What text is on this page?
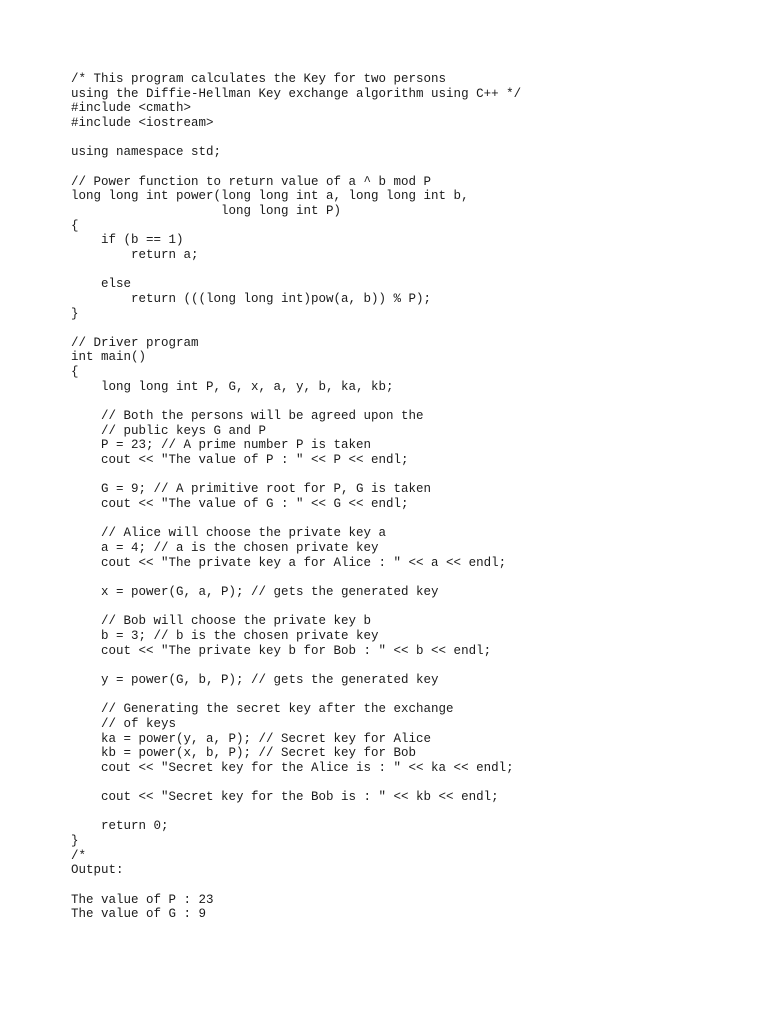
/* This program calculates the Key for two persons
using the Diffie-Hellman Key exchange algorithm using C++ */
#include <cmath>
#include <iostream>
using namespace std;
// Power function to return value of a ^ b mod P
long long int power(long long int a, long long int b,
long long int P)
{
if (b == 1)
return a;
else
return (((long long int)pow(a, b)) % P);
}
// Driver program
int main()
{
long long int P, G, x, a, y, b, ka, kb;
// Both the persons will be agreed upon the
// public keys G and P
P = 23; // A prime number P is taken
cout << "The value of P : " << P << endl;
G = 9; // A primitive root for P, G is taken
cout << "The value of G : " << G << endl;
// Alice will choose the private key a
a = 4; // a is the chosen private key
cout << "The private key a for Alice : " << a << endl;
x = power(G, a, P); // gets the generated key
// Bob will choose the private key b
b = 3; // b is the chosen private key
cout << "The private key b for Bob : " << b << endl;
y = power(G, b, P); // gets the generated key
// Generating the secret key after the exchange
// of keys
ka = power(y, a, P); // Secret key for Alice
kb = power(x, b, P); // Secret key for Bob
cout << "Secret key for the Alice is : " << ka << endl;
cout << "Secret key for the Bob is : " << kb << endl;
return 0;
}
/*
Output:
The value of P : 23
The value of G : 9
